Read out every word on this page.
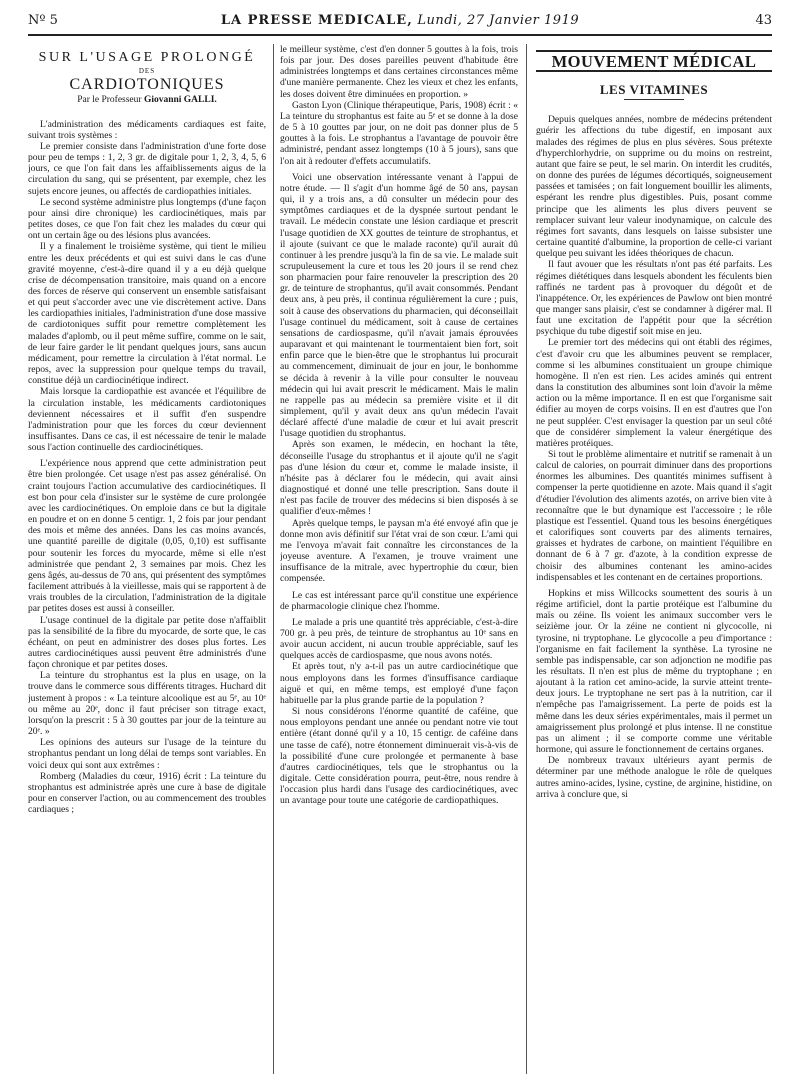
Nº 5	LA PRESSE MEDICALE, Lundi, 27 Janvier 1919	43
SUR L'USAGE PROLONGÉ
DES
CARDIOTONIQUES
Par le Professeur Giovanni GALLI.

L'administration des médicaments cardiaques est faite, suivant trois systèmes :

Le premier consiste dans l'administration d'une forte dose pour peu de temps : 1, 2, 3 gr. de digitale pour 1, 2, 3, 4, 5, 6 jours, ce que l'on fait dans les affaiblissements aigus de la circulation du sang, qui se présentent, par exemple, chez les sujets encore jeunes, ou affectés de cardiopathies initiales.

Le second système administre plus longtemps (d'une façon pour ainsi dire chronique) les cardiocinétiques, mais par petites doses, ce que l'on fait chez les malades du cœur qui ont un certain âge ou des lésions plus avancées.

Il y a finalement le troisième système, qui tient le milieu entre les deux précédents et qui est suivi dans le cas d'une gravité moyenne, c'est-à-dire quand il y a eu déjà quelque crise de décompensation transitoire, mais quand on a encore des forces de réserve qui conservent un ensemble satisfaisant et qui peut s'accorder avec une vie discrètement active. Dans les cardiopathies initiales, l'administration d'une dose massive de cardiotoniques suffit pour remettre complètement les malades d'aplomb, ou il peut même suffire, comme on le sait, de leur faire garder le lit pendant quelques jours, sans aucun médicament, pour remettre la circulation à l'état normal. Le repos, avec la suppression pour quelque temps du travail, constitue déjà un cardiocinétique indirect.

Mais lorsque la cardiopathie est avancée et l'équilibre de la circulation instable, les médicaments cardiotoniques deviennent nécessaires et il suffit d'en suspendre l'administration pour que les forces du cœur deviennent insuffisantes. Dans ce cas, il est nécessaire de tenir le malade sous l'action continuelle des cardiocinétiques.

L'expérience nous apprend que cette administration peut être bien prolongée. Cet usage n'est pas assez généralisé. On craint toujours l'action accumulative des cardiocinétiques. Il est bon pour cela d'insister sur le système de cure prolongée avec les cardiocinétiques. On emploie dans ce but la digitale en poudre et on en donne 5 centigr. 1, 2 fois par jour pendant des mois et même des années. Dans les cas moins avancés, une quantité pareille de digitale (0,05, 0,10) est suffisante pour soutenir les forces du myocarde, même si elle n'est administrée que pendant 2, 3 semaines par mois. Chez les gens âgés, au-dessus de 70 ans, qui présentent des symptômes facilement attribués à la vieillesse, mais qui se rapportent à de vrais troubles de la circulation, l'administration de la digitale par petites doses est aussi à conseiller.

L'usage continuel de la digitale par petite dose n'affaiblit pas la sensibilité de la fibre du myocarde, de sorte que, le cas échéant, on peut en administrer des doses plus fortes. Les autres cardiocinétiques aussi peuvent être administrés d'une façon chronique et par petites doses.

La teinture du strophantus est la plus en usage, on la trouve dans le commerce sous différents titrages. Huchard dit justement à propos : « La teinture alcoolique est au 5ᵉ, au 10ᵉ ou même au 20ᵉ, donc il faut préciser son titrage exact, lorsqu'on la prescrit : 5 à 30 gouttes par jour de la teinture au 20ᵉ. »

Les opinions des auteurs sur l'usage de la teinture du strophantus pendant un long délai de temps sont variables. En voici deux qui sont aux extrêmes :

Romberg (Maladies du cœur, 1916) écrit : La teinture du strophantus est administrée après une cure à base de digitale pour en conserver l'action, ou au commencement des troubles cardiaques ;

le meilleur système, c'est d'en donner 5 gouttes à la fois, trois fois par jour. Des doses pareilles peuvent d'habitude être administrées longtemps et dans certaines circonstances même d'une manière permanente. Chez les vieux et chez les enfants, les doses doivent être diminuées en proportion. »

Gaston Lyon (Clinique thérapeutique, Paris, 1908) écrit : « La teinture du strophantus est faite au 5ᵉ et se donne à la dose de 5 à 10 gouttes par jour, on ne doit pas donner plus de 5 gouttes à la fois. Le strophantus a l'avantage de pouvoir être administré, pendant assez longtemps (10 à 5 jours), sans que l'on ait à redouter d'effets accumulatifs.

Voici une observation intéressante venant à l'appui de notre étude. — Il s'agit d'un homme âgé de 50 ans, paysan qui, il y a trois ans, a dû consulter un médecin pour des symptômes cardiaques et de la dyspnée surtout pendant le travail. Le médecin constate une lésion cardiaque et prescrit l'usage quotidien de XX gouttes de teinture de strophantus, et il ajoute (suivant ce que le malade raconte) qu'il aurait dû continuer à les prendre jusqu'à la fin de sa vie. Le malade suit scrupuleusement la cure et tous les 20 jours il se rend chez son pharmacien pour faire renouveler la prescription des 20 gr. de teinture de strophantus, qu'il avait consommés. Pendant deux ans, à peu près, il continua régulièrement la cure ; puis, soit à cause des observations du pharmacien, qui déconseillait l'usage continuel du médicament, soit à cause de certaines sensations de cardiospasme, qu'il n'avait jamais éprouvées auparavant et qui maintenant le tourmentaient bien fort, soit enfin parce que le bien-être que le strophantus lui procurait au commencement, diminuait de jour en jour, le bonhomme se décida à revenir à la ville pour consulter le nouveau médecin qui lui avait prescrit le médicament. Mais le malin ne rappelle pas au médecin sa première visite et il dit simplement, qu'il y avait deux ans qu'un médecin l'avait déclaré affecté d'une maladie de cœur et lui avait prescrit l'usage quotidien du strophantus.

Après son examen, le médecin, en hochant la tête, déconseille l'usage du strophantus et il ajoute qu'il ne s'agit pas d'une lésion du cœur et, comme le malade insiste, il n'hésite pas à déclarer fou le médecin, qui avait ainsi diagnostiqué et donné une telle prescription. Sans doute il n'est pas facile de trouver des médecins si bien disposés à se qualifier d'eux-mêmes !

Après quelque temps, le paysan m'a été envoyé afin que je donne mon avis définitif sur l'état vrai de son cœur. L'ami qui me l'envoya m'avait fait connaître les circonstances de la joyeuse aventure. A l'examen, je trouve vraiment une insuffisance de la mitrale, avec hypertrophie du cœur, bien compensée.

Le cas est intéressant parce qu'il constitue une expérience de pharmacologie clinique chez l'homme.

Le malade a pris une quantité très appréciable, c'est-à-dire 700 gr. à peu près, de teinture de strophantus au 10ᵉ sans en avoir aucun accident, ni aucun trouble appréciable, sauf les quelques accès de cardiospasme, que nous avons notés.

Et après tout, n'y a-t-il pas un autre cardiocinétique que nous employons dans les formes d'insuffisance cardiaque aiguë et qui, en même temps, est employé d'une façon habituelle par la plus grande partie de la population ?

Si nous considérons l'énorme quantité de caféine, que nous employons pendant une année ou pendant notre vie tout entière (étant donné qu'il y a 10, 15 centigr. de caféine dans une tasse de café), notre étonnement diminuerait vis-à-vis de la possibilité d'une cure prolongée et permanente à base d'autres cardiocinétiques, tels que le strophantus ou la digitale. Cette considération pourra, peut-être, nous rendre à l'occasion plus hardi dans l'usage des cardiocinétiques, avec un avantage pour toute une catégorie de cardiopathiques.

MOUVEMENT MÉDICAL
LES VITAMINES

Depuis quelques années, nombre de médecins prétendent guérir les affections du tube digestif, en imposant aux malades des régimes de plus en plus sévères. Sous prétexte d'hyperchlorhydrie, on supprime ou du moins on restreint, autant que faire se peut, le sel marin. On interdit les crudités, on donne des purées de légumes décortiqués, soigneusement passées et tamisées ; on fait longuement bouillir les aliments, espérant les rendre plus digestibles. Puis, posant comme principe que les aliments les plus divers peuvent se remplacer suivant leur valeur inodynamique, on calcule des régimes fort savants, dans lesquels on laisse subsister une certaine quantité d'albumine, la proportion de celle-ci variant quelque peu suivant les idées théoriques de chacun.

Il faut avouer que les résultats n'ont pas été parfaits. Les régimes diététiques dans lesquels abondent les féculents bien raffinés ne tardent pas à provoquer du dégoût et de l'inappétence. Or, les expériences de Pawlow ont bien montré que manger sans plaisir, c'est se condamner à digérer mal. Il faut une excitation de l'appétit pour que la sécrétion psychique du tube digestif soit mise en jeu.

Le premier tort des médecins qui ont établi des régimes, c'est d'avoir cru que les albumines peuvent se remplacer, comme si les albumines constituaient un groupe chimique homogène. Il n'en est rien. Les acides aminés qui entrent dans la constitution des albumines sont loin d'avoir la même action ou la même importance. Il en est que l'organisme sait édifier au moyen de corps voisins. Il en est d'autres que l'on ne peut suppléer. C'est envisager la question par un seul côté que de considérer simplement la valeur énergétique des matières protéiques.

Si tout le problème alimentaire et nutritif se ramenait à un calcul de calories, on pourrait diminuer dans des proportions énormes les albumines. Des quantités minimes suffisent à compenser la perte quotidienne en azote. Mais quand il s'agit d'étudier l'évolution des aliments azotés, on arrive bien vite à reconnaître que le but dynamique est l'accessoire ; le rôle plastique est l'essentiel. Quand tous les besoins énergétiques et calorifiques sont couverts par des aliments ternaires, graisses et hydrates de carbone, on maintient l'équilibre en donnant de 6 à 7 gr. d'azote, à la condition expresse de choisir des albumines contenant les amino-acides indispensables et les contenant en de certaines proportions.

Hopkins et miss Willcocks soumettent des souris à un régime artificiel, dont la partie protéique est l'albumine du maïs ou zéine. Ils voient les animaux succomber vers le seizième jour. Or la zéine ne contient ni glycocolle, ni tyrosine, ni tryptophane. Le glycocolle a peu d'importance : l'organisme en fait facilement la synthèse. La tyrosine ne semble pas indispensable, car son adjonction ne modifie pas les résultats. Il n'en est plus de même du tryptophane ; en ajoutant à la ration cet amino-acide, la survie atteint trente-deux jours. Le tryptophane ne sert pas à la nutrition, car il n'empêche pas l'amaigrissement. La perte de poids est la même dans les deux séries expérimentales, mais il permet un amaigrissement plus prolongé et plus intense. Il ne constitue pas un aliment ; il se comporte comme une véritable hormone, qui assure le fonctionnement de certains organes.

De nombreux travaux ultérieurs ayant permis de déterminer par une méthode analogue le rôle de quelques autres amino-acides, lysine, cystine, de arginine, histidine, on arriva à conclure que, si
